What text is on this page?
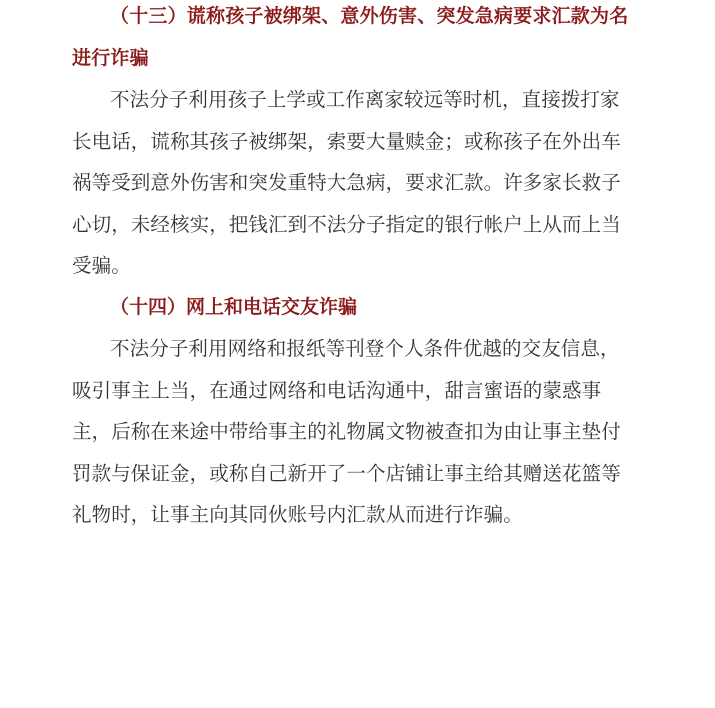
（十三）谎称孩子被绑架、意外伤害、突发急病要求汇款为名进行诈骗

不法分子利用孩子上学或工作离家较远等时机，直接拨打家长电话，谎称其孩子被绑架，索要大量赎金；或称孩子在外出车祸等受到意外伤害和突发重特大急病，要求汇款。许多家长救子心切，未经核实，把钱汇到不法分子指定的银行帐户上从而上当受骗。

（十四）网上和电话交友诈骗

不法分子利用网络和报纸等刊登个人条件优越的交友信息，吸引事主上当，在通过网络和电话沟通中，甜言蜜语的蒙惑事主，后称在来途中带给事主的礼物属文物被查扣为由让事主垫付罚款与保证金，或称自己新开了一个店铺让事主给其赠送花篮等礼物时，让事主向其同伙账号内汇款从而进行诈骗。
